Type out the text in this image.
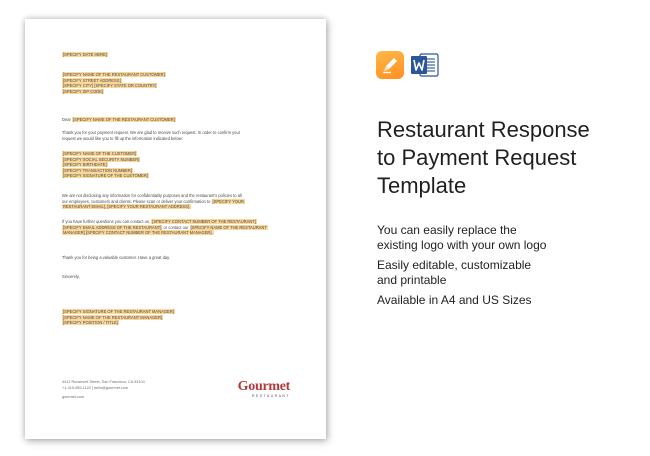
[SPECIFY DATE HERE]
[SPECIFY NAME OF THE RESTAURANT CUSTOMER]
[SPECIFY STREET ADDRESS]
[SPECIFY CITY] [SPECIFY STATE OR COUNTRY]
[SPECIFY ZIP CODE]
Dear [SPECIFY NAME OF THE RESTAURANT CUSTOMER]
Thank you for your payment request. We are glad to receive such request. In order to confirm your
request we would like you to fill up the information indicated below:
[SPECIFY NAME OF THE CUSTOMER]
[SPECIFY SOCIAL SECURITY NUMBER]
[SPECIFY BIRTHDATE]
[SPECIFY TRANSACTION NUMBER]
[SPECIFY SIGNATURE OF THE CUSTOMER]
We are not disclosing any information for confidentiality purposes and the restaurant's policies to all
our employees, customers and clients. Please scan or deliver your confirmation to [SPECIFY YOUR
RESTAURANT EMAIL], [SPECIFY YOUR RESTAURANT ADDRESS].
If you have further questions you can contact us, [SPECIFY CONTACT NUMBER OF THE RESTAURANT]
[SPECIFY EMAIL ADDRESS OF THE RESTAURANT] or contact our [SPECIFY NAME OF THE RESTAURANT
MANAGER] [SPECIFY CONTACT NUMBER OF THE RESTAURANT MANAGER].
Thank you for being a valuable customer. Have a great day.
Sincerely,
[SPECIFY SIGNATURE OF THE RESTAURANT MANAGER]
[SPECIFY NAME OF THE RESTAURANT MANAGER]
[SPECIFY POSITION / TITLE]
4412 Roosevelt Street, San Francisco, CA 94104
+1-415-555-1122 | hello@gourmet.com
gourmet.com
Gourmet
RESTAURANT
Restaurant Response
to Payment Request
Template
You can easily replace the
existing logo with your own logo
Easily editable, customizable
and printable
Available in A4 and US Sizes
